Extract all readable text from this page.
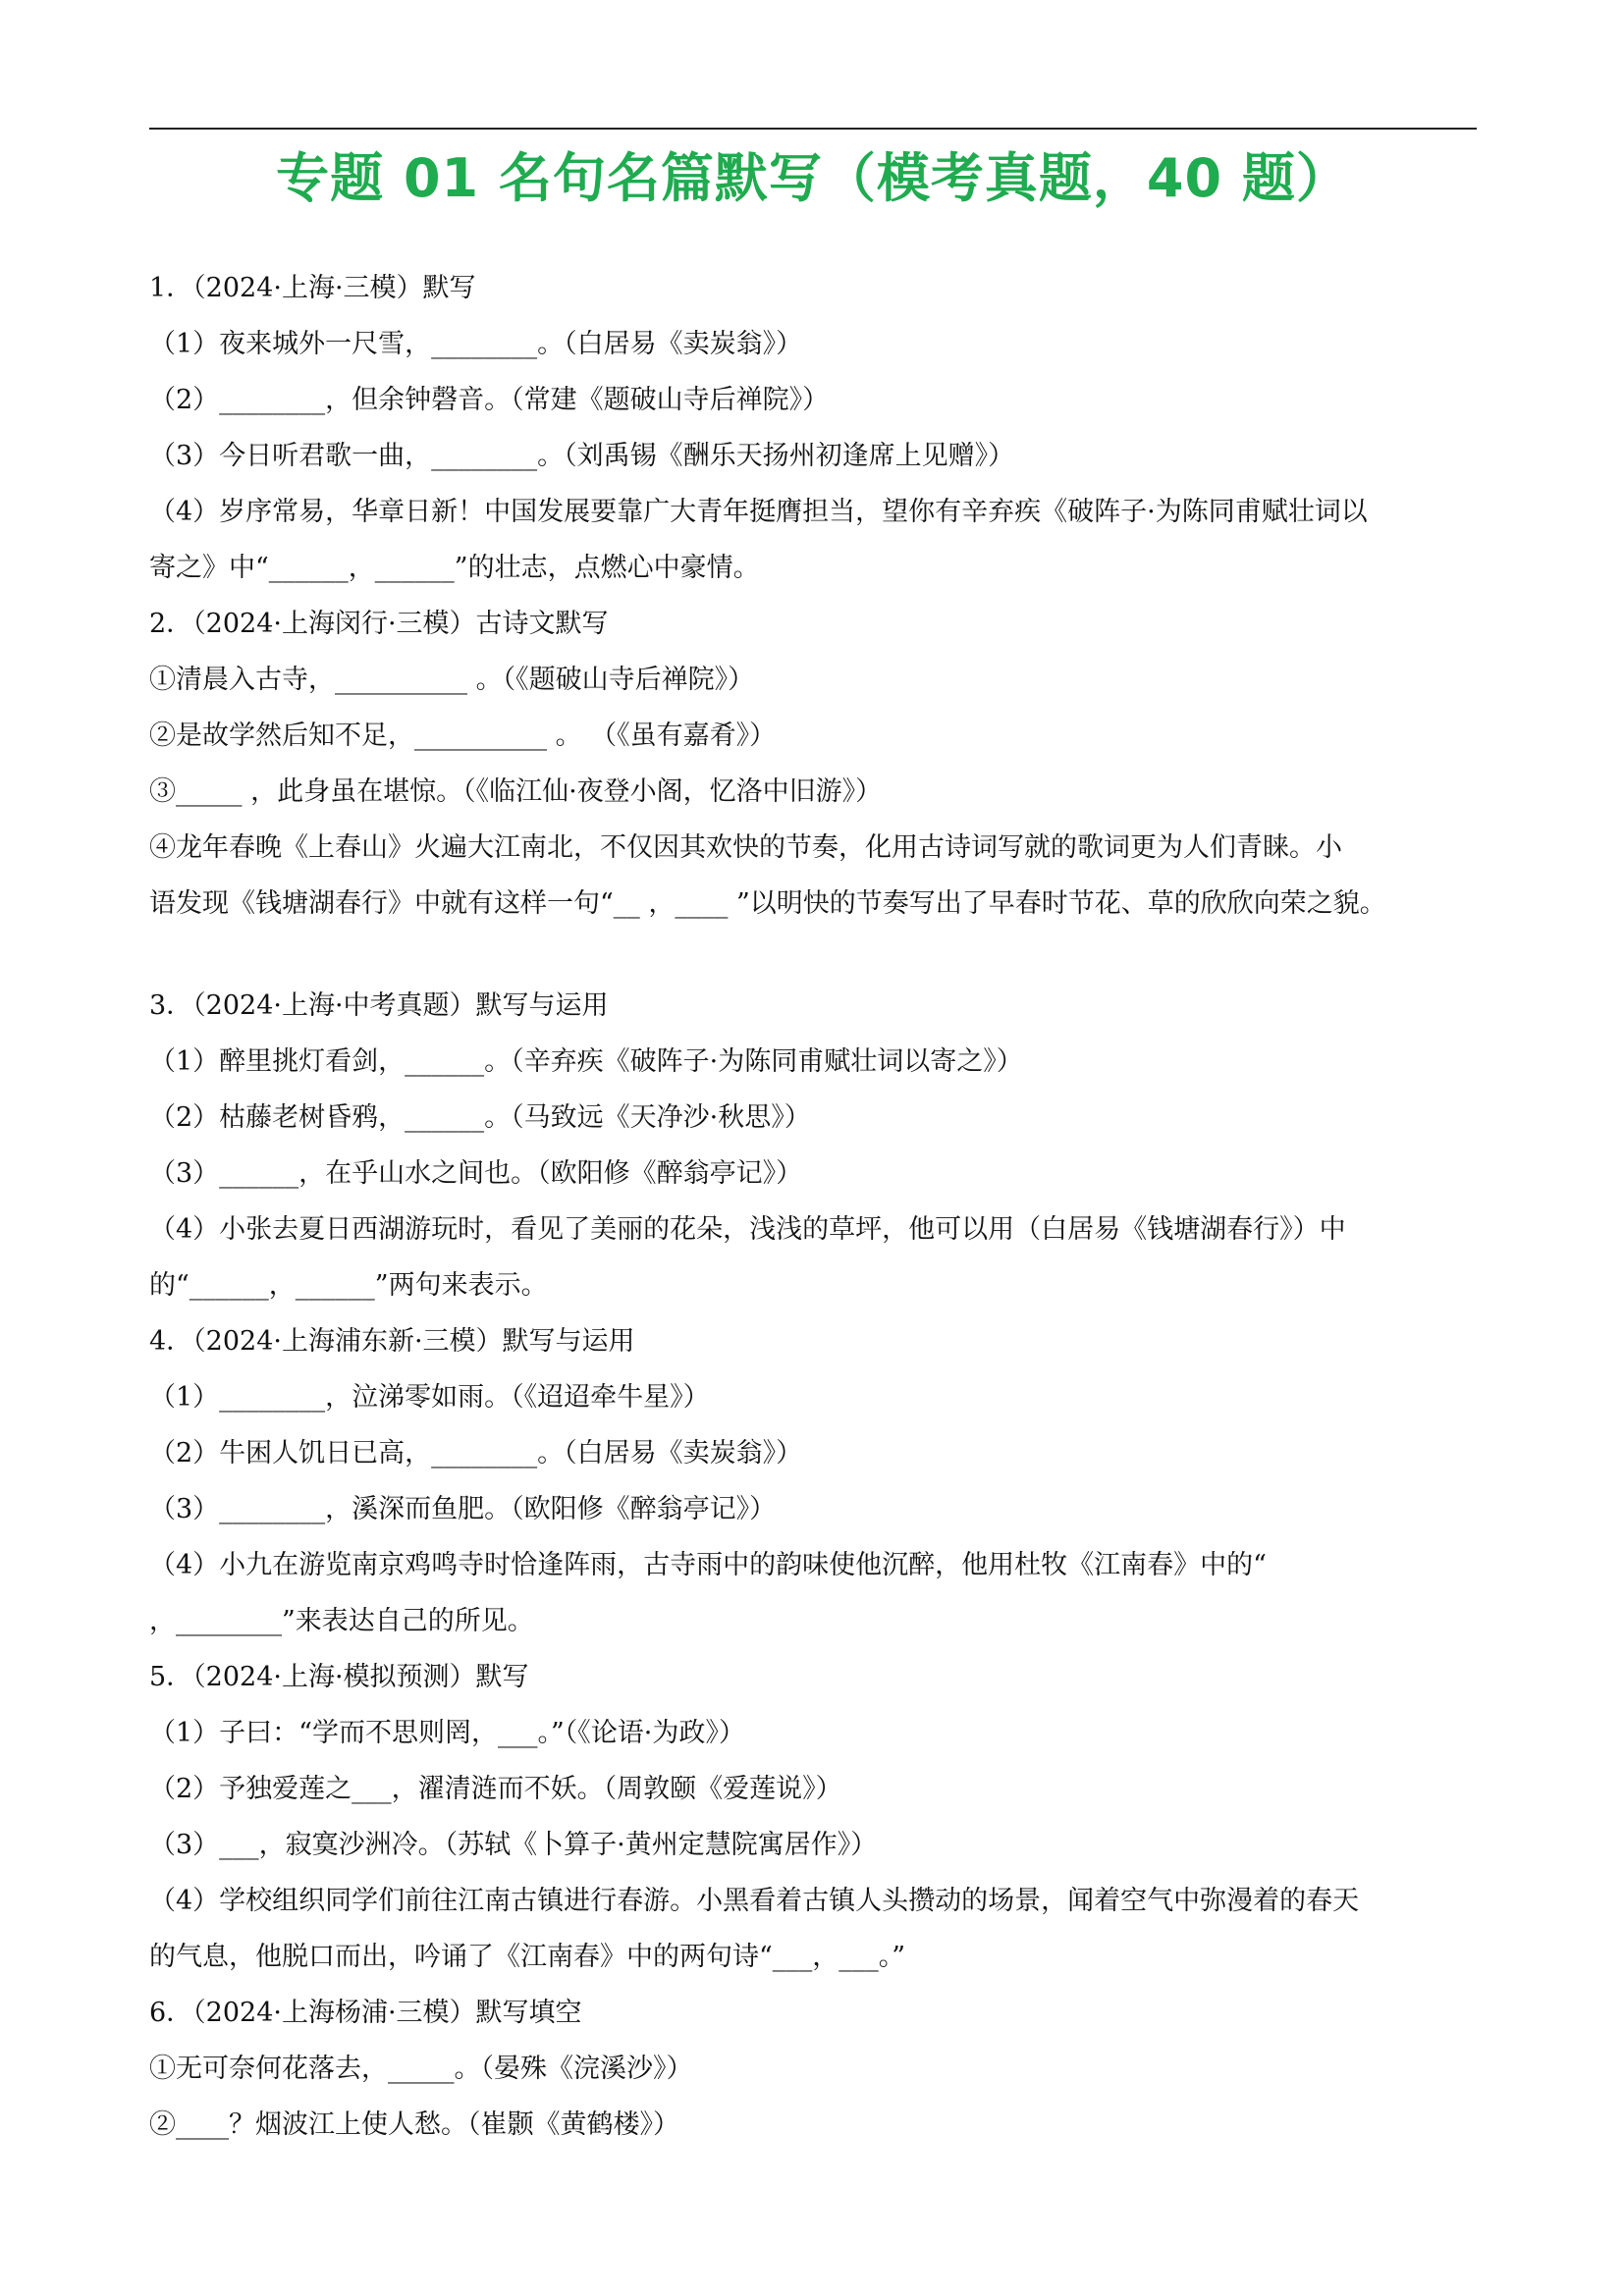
专题 01 名句名篇默写（模考真题，40 题）
1．（2024·上海·三模）默写
（1）夜来城外一尺雪，________。（白居易《卖炭翁》）
（2）________，但余钟磬音。（常建《题破山寺后禅院》）
（3）今日听君歌一曲，________。（刘禹锡《酬乐天扬州初逢席上见赠》）
（4）岁序常易，华章日新！中国发展要靠广大青年挺膺担当，望你有辛弃疾《破阵子·为陈同甫赋壮词以
寄之》中“______，______”的壮志，点燃心中豪情。
2．（2024·上海闵行·三模）古诗文默写
①清晨入古寺，__________ 。（《题破山寺后禅院》）
②是故学然后知不足，__________ 。 （《虽有嘉肴》）
③_____ ，此身虽在堪惊。（《临江仙·夜登小阁，忆洛中旧游》）
④龙年春晚《上春山》火遍大江南北，不仅因其欢快的节奏，化用古诗词写就的歌词更为人们青睐。小
语发现《钱塘湖春行》中就有这样一句“__ ，____ ”以明快的节奏写出了早春时节花、草的欣欣向荣之貌。
3．（2024·上海·中考真题）默写与运用
（1）醉里挑灯看剑，______。（辛弃疾《破阵子·为陈同甫赋壮词以寄之》）
（2）枯藤老树昏鸦，______。（马致远《天净沙·秋思》）
（3）______，在乎山水之间也。（欧阳修《醉翁亭记》）
（4）小张去夏日西湖游玩时，看见了美丽的花朵，浅浅的草坪，他可以用（白居易《钱塘湖春行》）中
的“______，______”两句来表示。
4．（2024·上海浦东新·三模）默写与运用
（1）________，泣涕零如雨。（《迢迢牵牛星》）
（2）牛困人饥日已高，________。（白居易《卖炭翁》）
（3）________，溪深而鱼肥。（欧阳修《醉翁亭记》）
（4）小九在游览南京鸡鸣寺时恰逢阵雨，古寺雨中的韵味使他沉醉，他用杜牧《江南春》中的“
，________”来表达自己的所见。
5．（2024·上海·模拟预测）默写
（1）子曰：“学而不思则罔，___。”（《论语·为政》）
（2）予独爱莲之___，濯清涟而不妖。（周敦颐《爱莲说》）
（3）___，寂寞沙洲冷。（苏轼《卜算子·黄州定慧院寓居作》）
（4）学校组织同学们前往江南古镇进行春游。小黑看着古镇人头攒动的场景，闻着空气中弥漫着的春天
的气息，他脱口而出，吟诵了《江南春》中的两句诗“___，___。”
6．（2024·上海杨浦·三模）默写填空
①无可奈何花落去，_____。（晏殊《浣溪沙》）
②____？烟波江上使人愁。（崔颢《黄鹤楼》）
